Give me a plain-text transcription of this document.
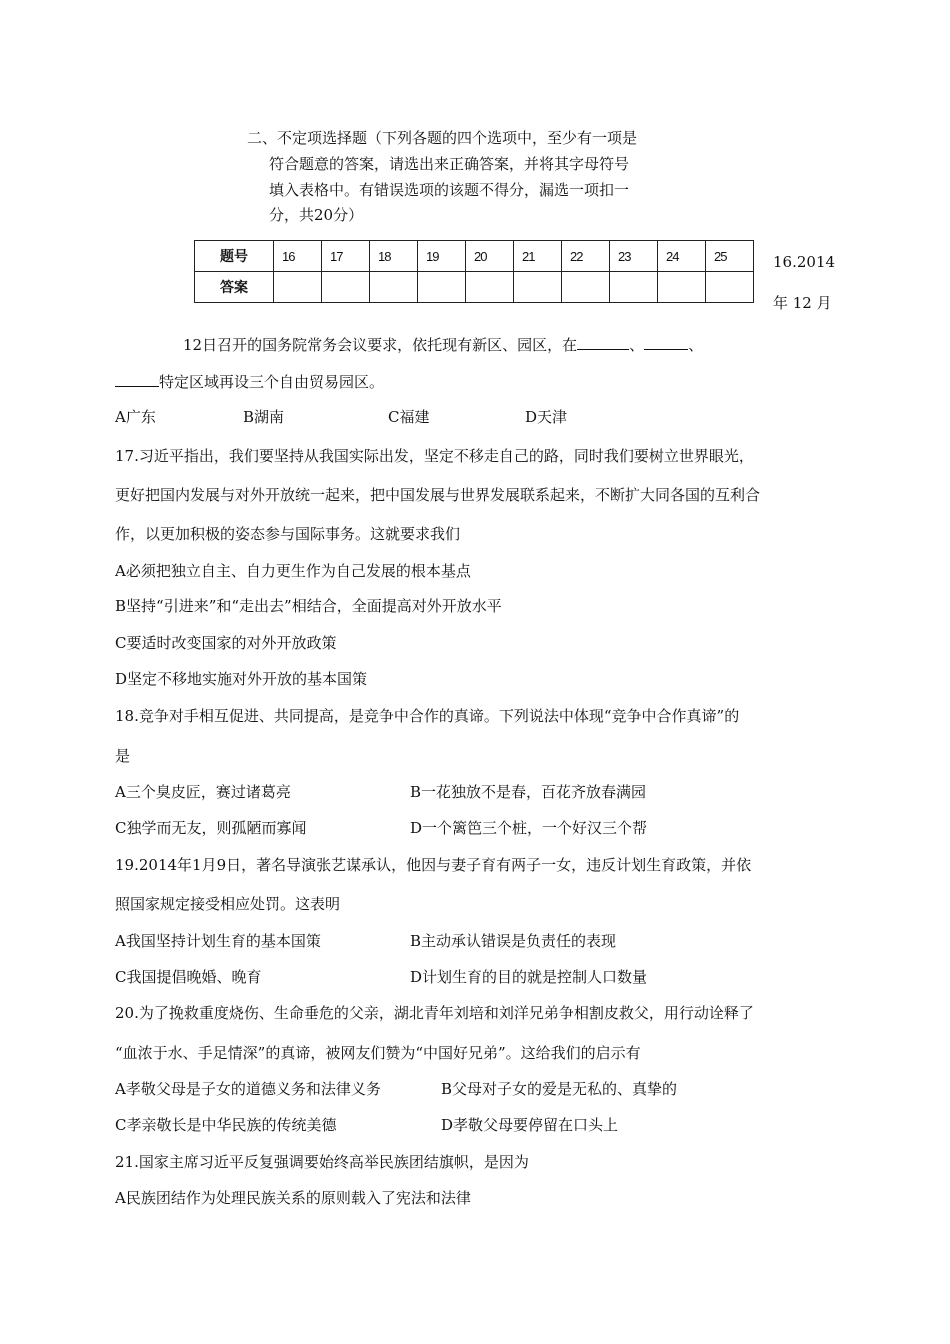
二、不定项选择题（下列各题的四个选项中，至少有一项是
符合题意的答案，请选出来正确答案，并将其字母符号
填入表格中。有错误选项的该题不得分，漏选一项扣一
分，共20分）
题号	16	17	18	19	20	21	22	23	24	25
答案										
16.2014
年 12 月
12日召开的国务院常务会议要求，依托现有新区、园区，在	、	、
特定区域再设三个自由贸易园区。
A广东	B湖南	C福建	D天津
17.习近平指出，我们要坚持从我国实际出发，坚定不移走自己的路，同时我们要树立世界眼光，
更好把国内发展与对外开放统一起来，把中国发展与世界发展联系起来，不断扩大同各国的互利合
作，以更加积极的姿态参与国际事务。这就要求我们
A必须把独立自主、自力更生作为自己发展的根本基点
B坚持“引进来”和“走出去”相结合，全面提高对外开放水平
C要适时改变国家的对外开放政策
D坚定不移地实施对外开放的基本国策
18.竞争对手相互促进、共同提高，是竞争中合作的真谛。下列说法中体现“竞争中合作真谛”的
是
A三个臭皮匠，赛过诸葛亮	B一花独放不是春，百花齐放春满园
C独学而无友，则孤陋而寡闻	D一个篱笆三个桩，一个好汉三个帮
19.2014年1月9日，著名导演张艺谋承认，他因与妻子育有两子一女，违反计划生育政策，并依
照国家规定接受相应处罚。这表明
A我国坚持计划生育的基本国策	B主动承认错误是负责任的表现
C我国提倡晚婚、晚育	D计划生育的目的就是控制人口数量
20.为了挽救重度烧伤、生命垂危的父亲，湖北青年刘培和刘洋兄弟争相割皮救父，用行动诠释了
“血浓于水、手足情深”的真谛，被网友们赞为“中国好兄弟”。这给我们的启示有
A孝敬父母是子女的道德义务和法律义务	B父母对子女的爱是无私的、真挚的
C孝亲敬长是中华民族的传统美德	D孝敬父母要停留在口头上
21.国家主席习近平反复强调要始终高举民族团结旗帜，是因为
A民族团结作为处理民族关系的原则载入了宪法和法律
